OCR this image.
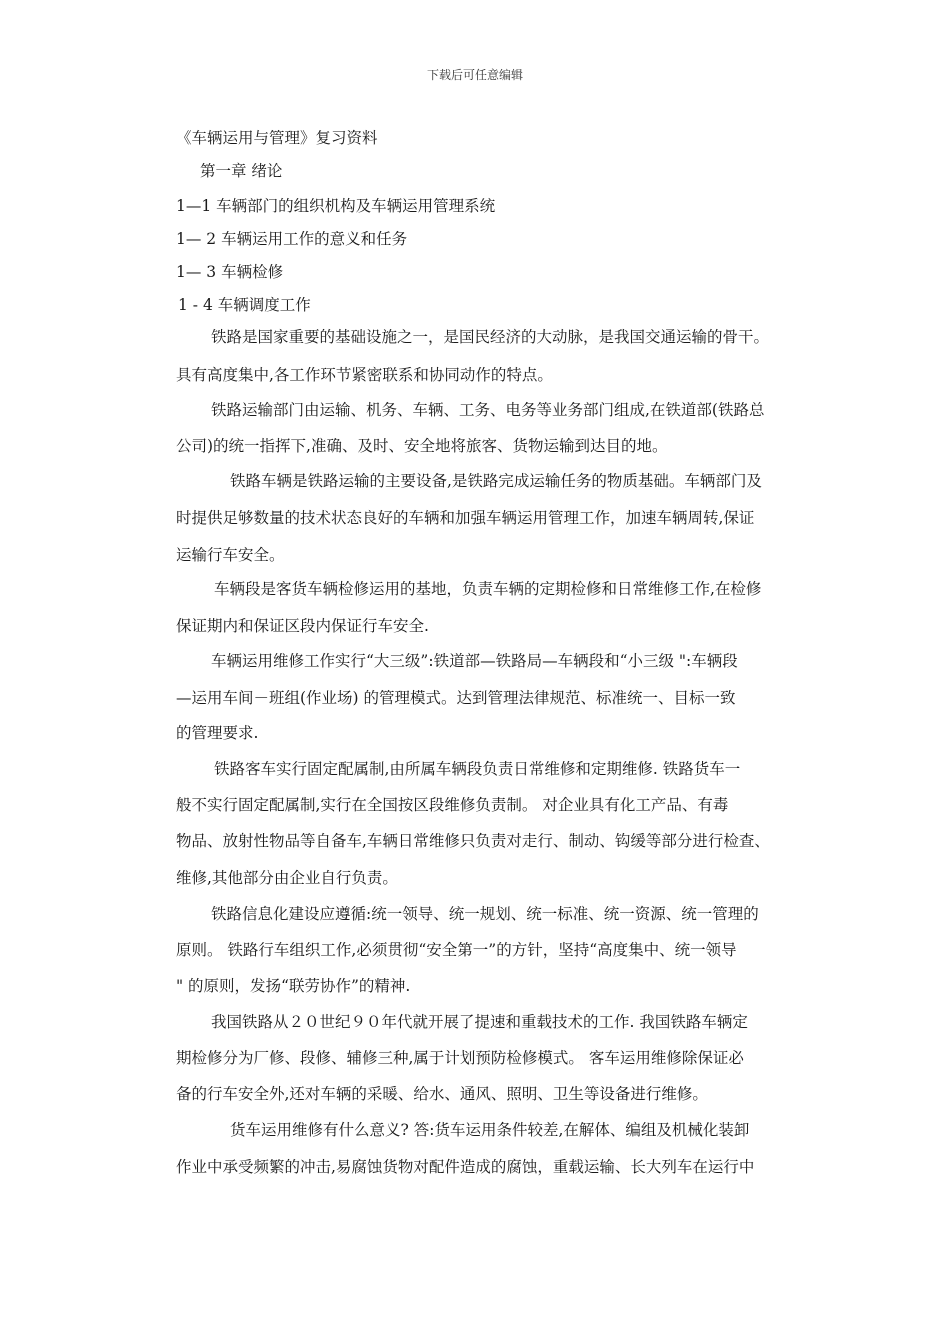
下载后可任意编辑
《车辆运用与管理》复习资料
第一章 绪论
1—1 车辆部门的组织机构及车辆运用管理系统
1— 2 车辆运用工作的意义和任务
1— 3 车辆检修
1 - 4 车辆调度工作
铁路是国家重要的基础设施之一，是国民经济的大动脉，是我国交通运输的骨干。
具有高度集中,各工作环节紧密联系和协同动作的特点。
铁路运输部门由运输、机务、车辆、工务、电务等业务部门组成,在铁道部(铁路总
公司)的统一指挥下,准确、及时、安全地将旅客、货物运输到达目的地。
铁路车辆是铁路运输的主要设备,是铁路完成运输任务的物质基础。车辆部门及
时提供足够数量的技术状态良好的车辆和加强车辆运用管理工作，加速车辆周转,保证
运输行车安全。
车辆段是客货车辆检修运用的基地，负责车辆的定期检修和日常维修工作,在检修
保证期内和保证区段内保证行车安全.
车辆运用维修工作实行“大三级”:铁道部—铁路局—车辆段和“小三级 ":车辆段
—运用车间－班组(作业场) 的管理模式。达到管理法律规范、标准统一、目标一致
的管理要求.
铁路客车实行固定配属制,由所属车辆段负责日常维修和定期维修. 铁路货车一
般不实行固定配属制,实行在全国按区段维修负责制。 对企业具有化工产品、有毒
物品、放射性物品等自备车,车辆日常维修只负责对走行、制动、钩缓等部分进行检查、
维修,其他部分由企业自行负责。
铁路信息化建设应遵循:统一领导、统一规划、统一标准、统一资源、统一管理的
原则。 铁路行车组织工作,必须贯彻“安全第一”的方针，坚持“高度集中、统一领导
" 的原则，发扬“联劳协作”的精神.
我国铁路从２０世纪９０年代就开展了提速和重载技术的工作. 我国铁路车辆定
期检修分为厂修、段修、辅修三种,属于计划预防检修模式。 客车运用维修除保证必
备的行车安全外,还对车辆的采暖、给水、通风、照明、卫生等设备进行维修。
货车运用维修有什么意义? 答:货车运用条件较差,在解体、编组及机械化装卸
作业中承受频繁的冲击,易腐蚀货物对配件造成的腐蚀，重载运输、长大列车在运行中
